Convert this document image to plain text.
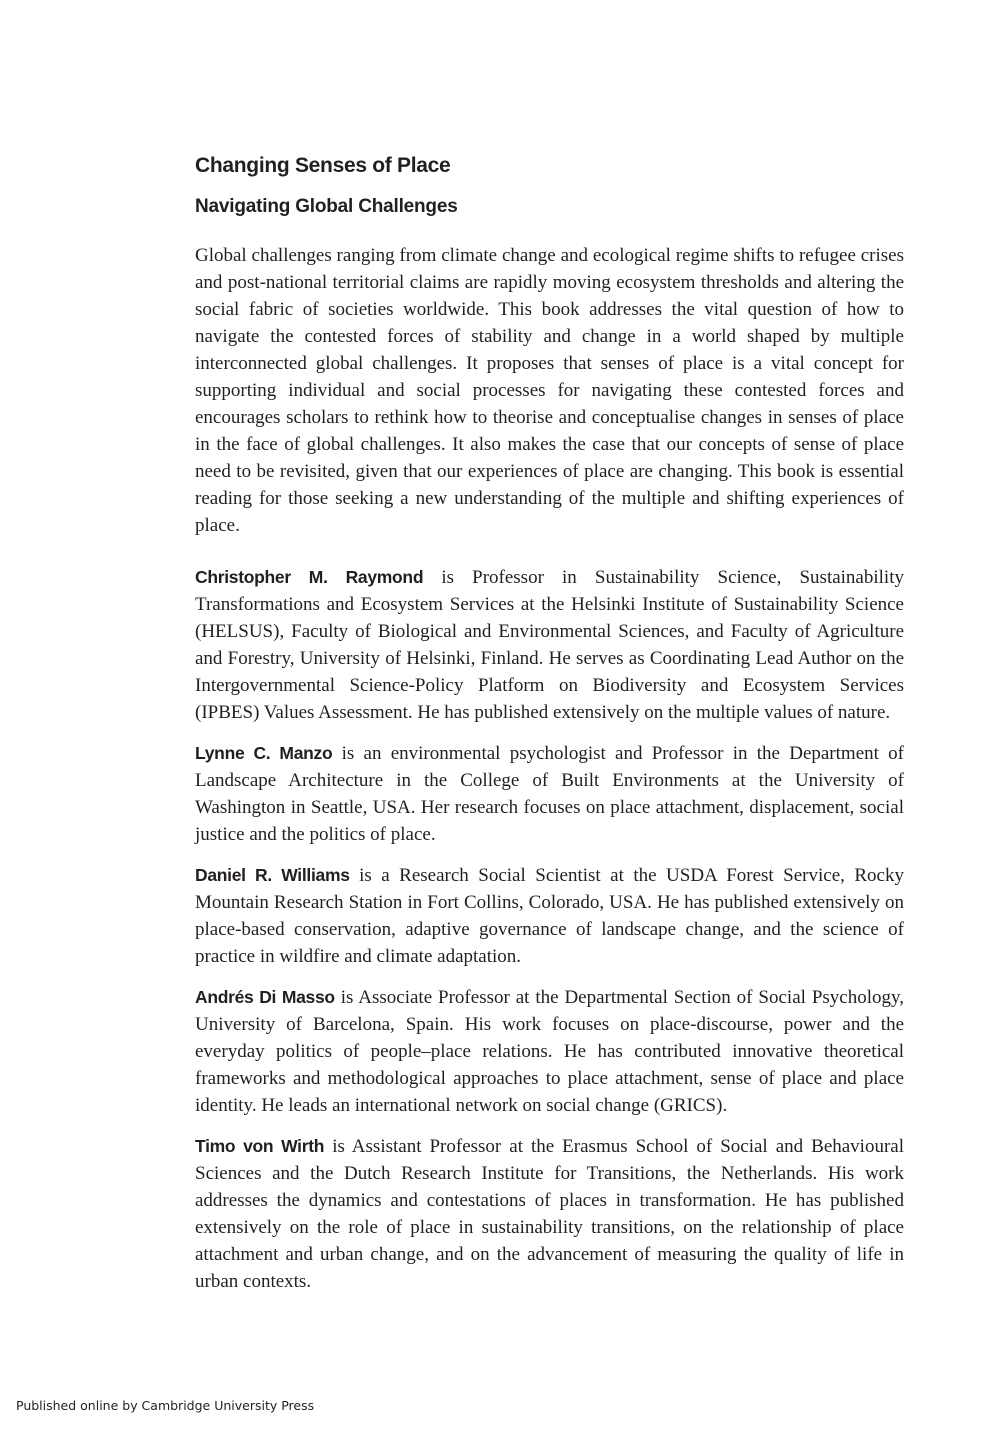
Changing Senses of Place
Navigating Global Challenges

Global challenges ranging from climate change and ecological regime shifts to refugee crises and post-national territorial claims are rapidly moving ecosystem thresholds and altering the social fabric of societies worldwide. This book addresses the vital question of how to navigate the contested forces of stability and change in a world shaped by multiple interconnected global challenges. It proposes that senses of place is a vital concept for supporting individual and social processes for navigating these contested forces and encourages scholars to rethink how to theorise and conceptualise changes in senses of place in the face of global challenges. It also makes the case that our concepts of sense of place need to be revisited, given that our experiences of place are changing. This book is essential reading for those seeking a new understanding of the multiple and shifting experiences of place.

Christopher M. Raymond is Professor in Sustainability Science, Sustainability Transformations and Ecosystem Services at the Helsinki Institute of Sustainability Science (HELSUS), Faculty of Biological and Environmental Sciences, and Faculty of Agriculture and Forestry, University of Helsinki, Finland. He serves as Coordinating Lead Author on the Intergovernmental Science-Policy Platform on Biodiversity and Ecosystem Services (IPBES) Values Assessment. He has published extensively on the multiple values of nature.

Lynne C. Manzo is an environmental psychologist and Professor in the Department of Landscape Architecture in the College of Built Environments at the University of Washington in Seattle, USA. Her research focuses on place attachment, displacement, social justice and the politics of place.

Daniel R. Williams is a Research Social Scientist at the USDA Forest Service, Rocky Mountain Research Station in Fort Collins, Colorado, USA. He has published extensively on place-based conservation, adaptive governance of landscape change, and the science of practice in wildfire and climate adaptation.

Andrés Di Masso is Associate Professor at the Departmental Section of Social Psychology, University of Barcelona, Spain. His work focuses on place-discourse, power and the everyday politics of people–place relations. He has contributed innovative theoretical frameworks and methodological approaches to place attachment, sense of place and place identity. He leads an international network on social change (GRICS).

Timo von Wirth is Assistant Professor at the Erasmus School of Social and Behavioural Sciences and the Dutch Research Institute for Transitions, the Netherlands. His work addresses the dynamics and contestations of places in transformation. He has published extensively on the role of place in sustainability transitions, on the relationship of place attachment and urban change, and on the advancement of measuring the quality of life in urban contexts.

Published online by Cambridge University Press
